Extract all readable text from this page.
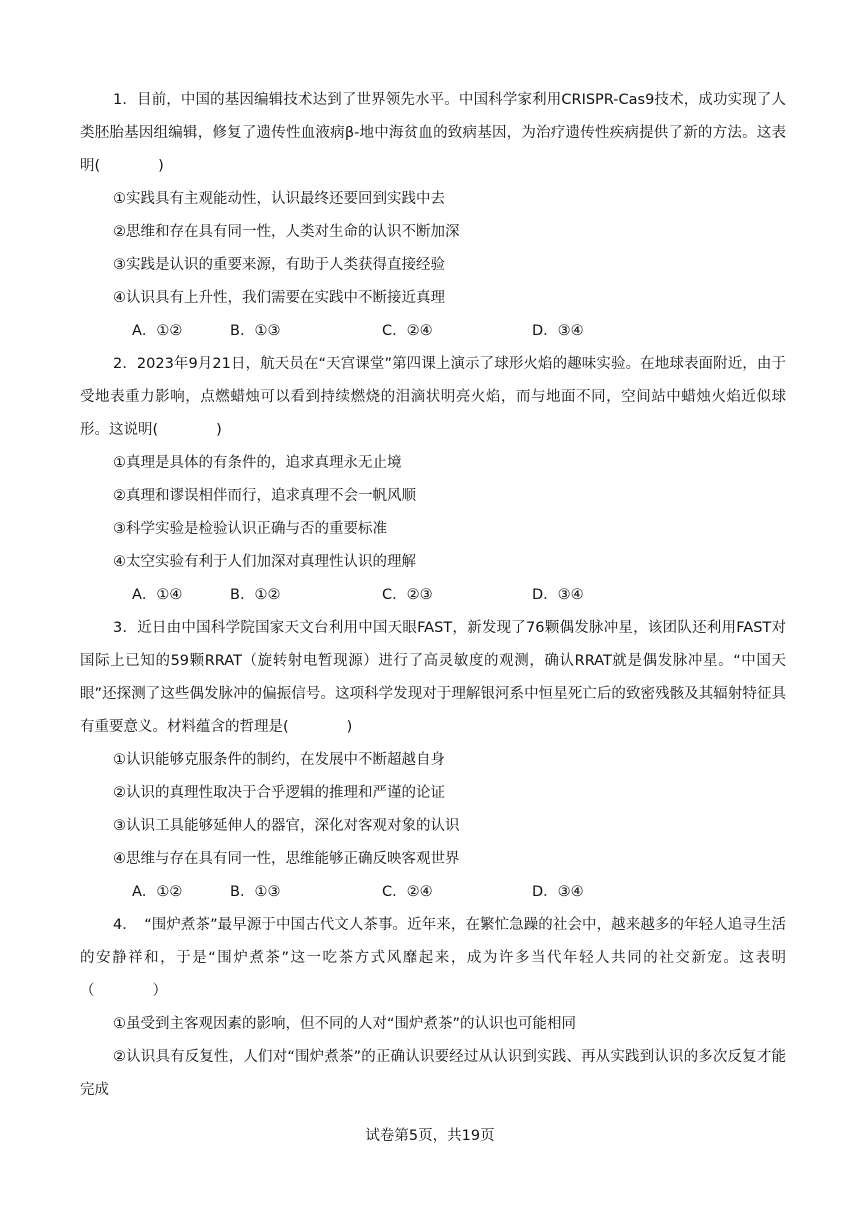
1．目前，中国的基因编辑技术达到了世界领先水平。中国科学家利用CRISPR-Cas9技术，成功实现了人类胚胎基因组编辑，修复了遗传性血液病β-地中海贫血的致病基因，为治疗遗传性疾病提供了新的方法。这表明(　　　　)

①实践具有主观能动性，认识最终还要回到实践中去

②思维和存在具有同一性，人类对生命的认识不断加深

③实践是认识的重要来源，有助于人类获得直接经验

④认识具有上升性，我们需要在实践中不断接近真理

A．①②	B．①③	C．②④	D．③④

2．2023年9月21日，航天员在“天宫课堂”第四课上演示了球形火焰的趣味实验。在地球表面附近，由于受地表重力影响，点燃蜡烛可以看到持续燃烧的泪滴状明亮火焰，而与地面不同，空间站中蜡烛火焰近似球形。这说明(　　　　)

①真理是具体的有条件的，追求真理永无止境

②真理和谬误相伴而行，追求真理不会一帆风顺

③科学实验是检验认识正确与否的重要标准

④太空实验有利于人们加深对真理性认识的理解

A．①④	B．①②	C．②③	D．③④

3．近日由中国科学院国家天文台利用中国天眼FAST，新发现了76颗偶发脉冲星，该团队还利用FAST对国际上已知的59颗RRAT（旋转射电暂现源）进行了高灵敏度的观测，确认RRAT就是偶发脉冲星。“中国天眼”还探测了这些偶发脉冲的偏振信号。这项科学发现对于理解银河系中恒星死亡后的致密残骸及其辐射特征具有重要意义。材料蕴含的哲理是(　　　　)

①认识能够克服条件的制约，在发展中不断超越自身

②认识的真理性取决于合乎逻辑的推理和严谨的论证

③认识工具能够延伸人的器官，深化对客观对象的认识

④思维与存在具有同一性，思维能够正确反映客观世界

A．①②	B．①③	C．②④	D．③④

4．　“围炉煮茶”最早源于中国古代文人茶事。近年来，在繁忙急躁的社会中，越来越多的年轻人追寻生活的安静祥和，于是“围炉煮茶”这一吃茶方式风靡起来，成为许多当代年轻人共同的社交新宠。这表明（　　　　）

①虽受到主客观因素的影响，但不同的人对“围炉煮茶”的认识也可能相同

②认识具有反复性，人们对“围炉煮茶”的正确认识要经过从认识到实践、再从实践到认识的多次反复才能完成

试卷第5页，共19页
